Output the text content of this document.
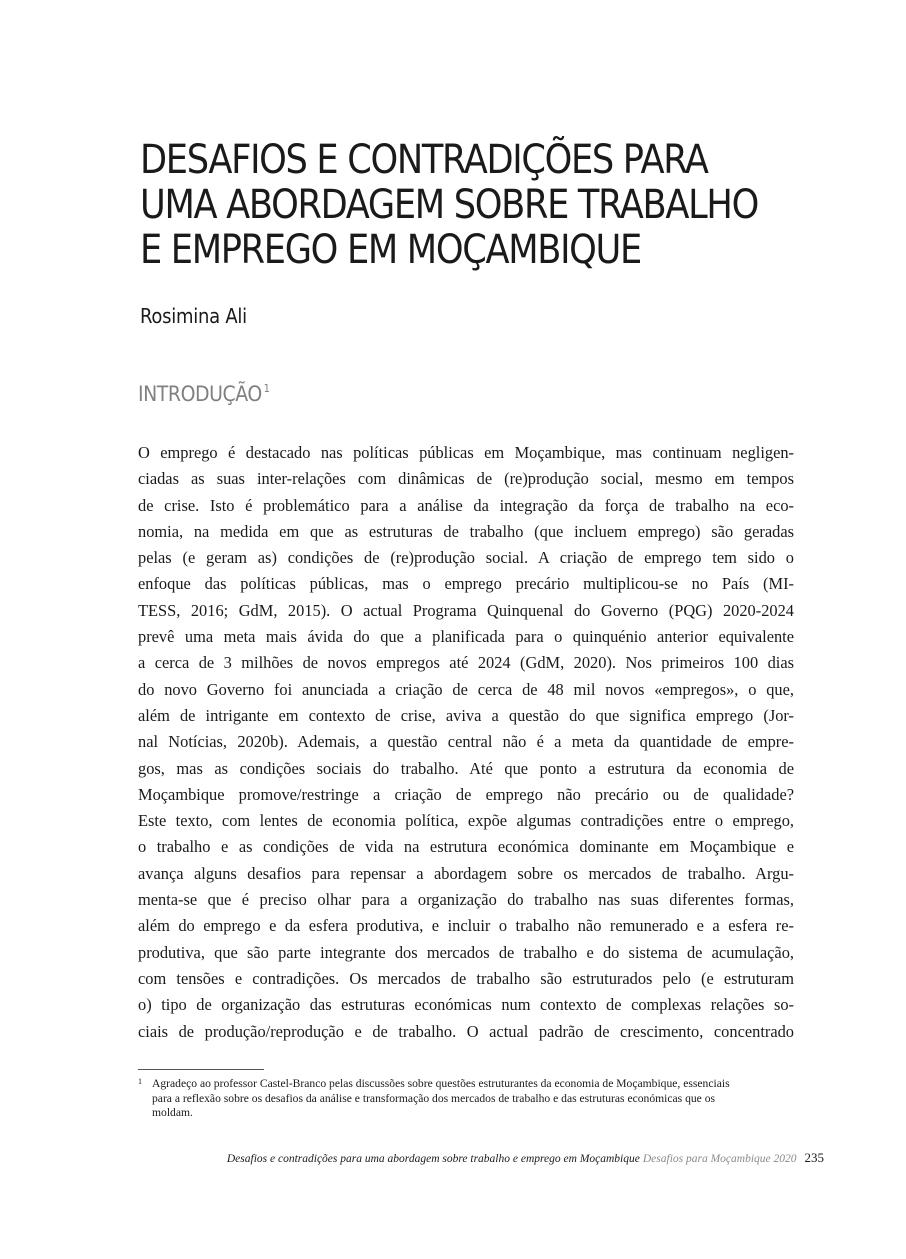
DESAFIOS E CONTRADIÇÕES PARA
UMA ABORDAGEM SOBRE TRABALHO
E EMPREGO EM MOÇAMBIQUE
Rosimina Ali
INTRODUÇÃO $^1$
O emprego é destacado nas políticas públicas em Moçambique, mas continuam negligen-
ciadas as suas inter-relações com dinâmicas de (re)produção social, mesmo em tempos
de crise. Isto é problemático para a análise da integração da força de trabalho na eco-
nomia, na medida em que as estruturas de trabalho (que incluem emprego) são geradas
pelas (e geram as) condições de (re)produção social. A criação de emprego tem sido o
enfoque das políticas públicas, mas o emprego precário multiplicou-se no País (MI-
TESS, 2016; GdM, 2015). O actual Programa Quinquenal do Governo (PQG) 2020-2024
prevê uma meta mais ávida do que a planificada para o quinquénio anterior equivalente
a cerca de 3 milhões de novos empregos até 2024 (GdM, 2020). Nos primeiros 100 dias
do novo Governo foi anunciada a criação de cerca de 48 mil novos «empregos», o que,
além de intrigante em contexto de crise, aviva a questão do que significa emprego (Jor-
nal Notícias, 2020b). Ademais, a questão central não é a meta da quantidade de empre-
gos, mas as condições sociais do trabalho. Até que ponto a estrutura da economia de
Moçambique promove/restringe a criação de emprego não precário ou de qualidade?
Este texto, com lentes de economia política, expõe algumas contradições entre o emprego,
o trabalho e as condições de vida na estrutura económica dominante em Moçambique e
avança alguns desafios para repensar a abordagem sobre os mercados de trabalho. Argu-
menta-se que é preciso olhar para a organização do trabalho nas suas diferentes formas,
além do emprego e da esfera produtiva, e incluir o trabalho não remunerado e a esfera re-
produtiva, que são parte integrante dos mercados de trabalho e do sistema de acumulação,
com tensões e contradições. Os mercados de trabalho são estruturados pelo (e estruturam
o) tipo de organização das estruturas económicas num contexto de complexas relações so-
ciais de produção/reprodução e de trabalho. O actual padrão de crescimento, concentrado
1 Agradeço ao professor Castel-Branco pelas discussões sobre questões estruturantes da economia de Moçambique, essenciais
para a reflexão sobre os desafios da análise e transformação dos mercados de trabalho e das estruturas económicas que os
moldam.
Desafios e contradições para uma abordagem sobre trabalho e emprego em Moçambique Desafios para Moçambique 2020 235
